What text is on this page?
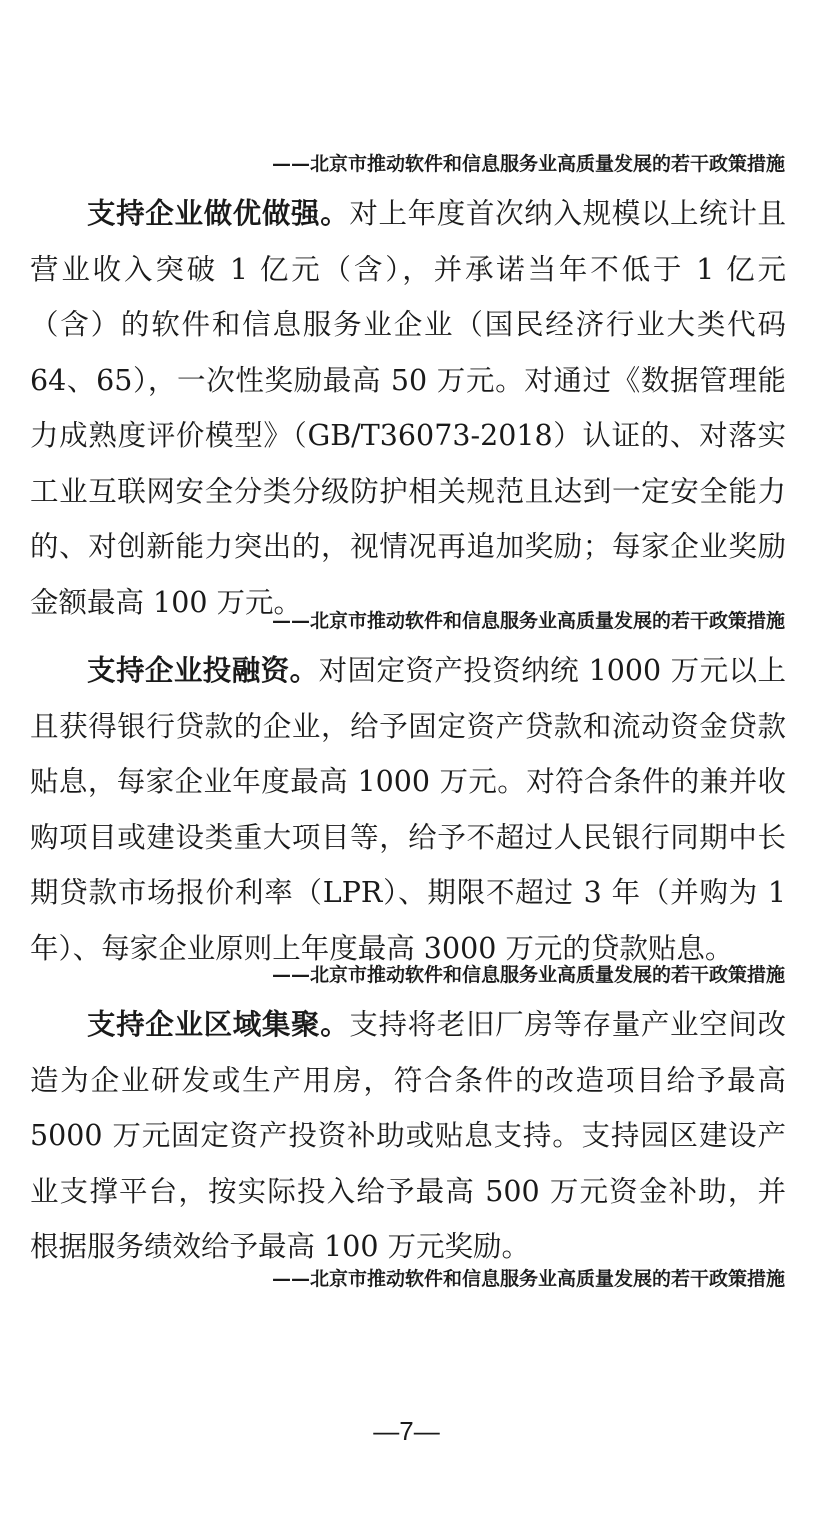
——北京市推动软件和信息服务业高质量发展的若干政策措施

支持企业做优做强。对上年度首次纳入规模以上统计且营业收入突破 1 亿元（含），并承诺当年不低于 1 亿元（含）的软件和信息服务业企业（国民经济行业大类代码 64、65），一次性奖励最高 50 万元。对通过《数据管理能力成熟度评价模型》（GB/T36073-2018）认证的、对落实工业互联网安全分类分级防护相关规范且达到一定安全能力的、对创新能力突出的，视情况再追加奖励；每家企业奖励金额最高 100 万元。

——北京市推动软件和信息服务业高质量发展的若干政策措施

支持企业投融资。对固定资产投资纳统 1000 万元以上且获得银行贷款的企业，给予固定资产贷款和流动资金贷款贴息，每家企业年度最高 1000 万元。对符合条件的兼并收购项目或建设类重大项目等，给予不超过人民银行同期中长期贷款市场报价利率（LPR）、期限不超过 3 年（并购为 1 年）、每家企业原则上年度最高 3000 万元的贷款贴息。

——北京市推动软件和信息服务业高质量发展的若干政策措施

支持企业区域集聚。支持将老旧厂房等存量产业空间改造为企业研发或生产用房，符合条件的改造项目给予最高 5000 万元固定资产投资补助或贴息支持。支持园区建设产业支撑平台，按实际投入给予最高 500 万元资金补助，并根据服务绩效给予最高 100 万元奖励。

——北京市推动软件和信息服务业高质量发展的若干政策措施
—7—
